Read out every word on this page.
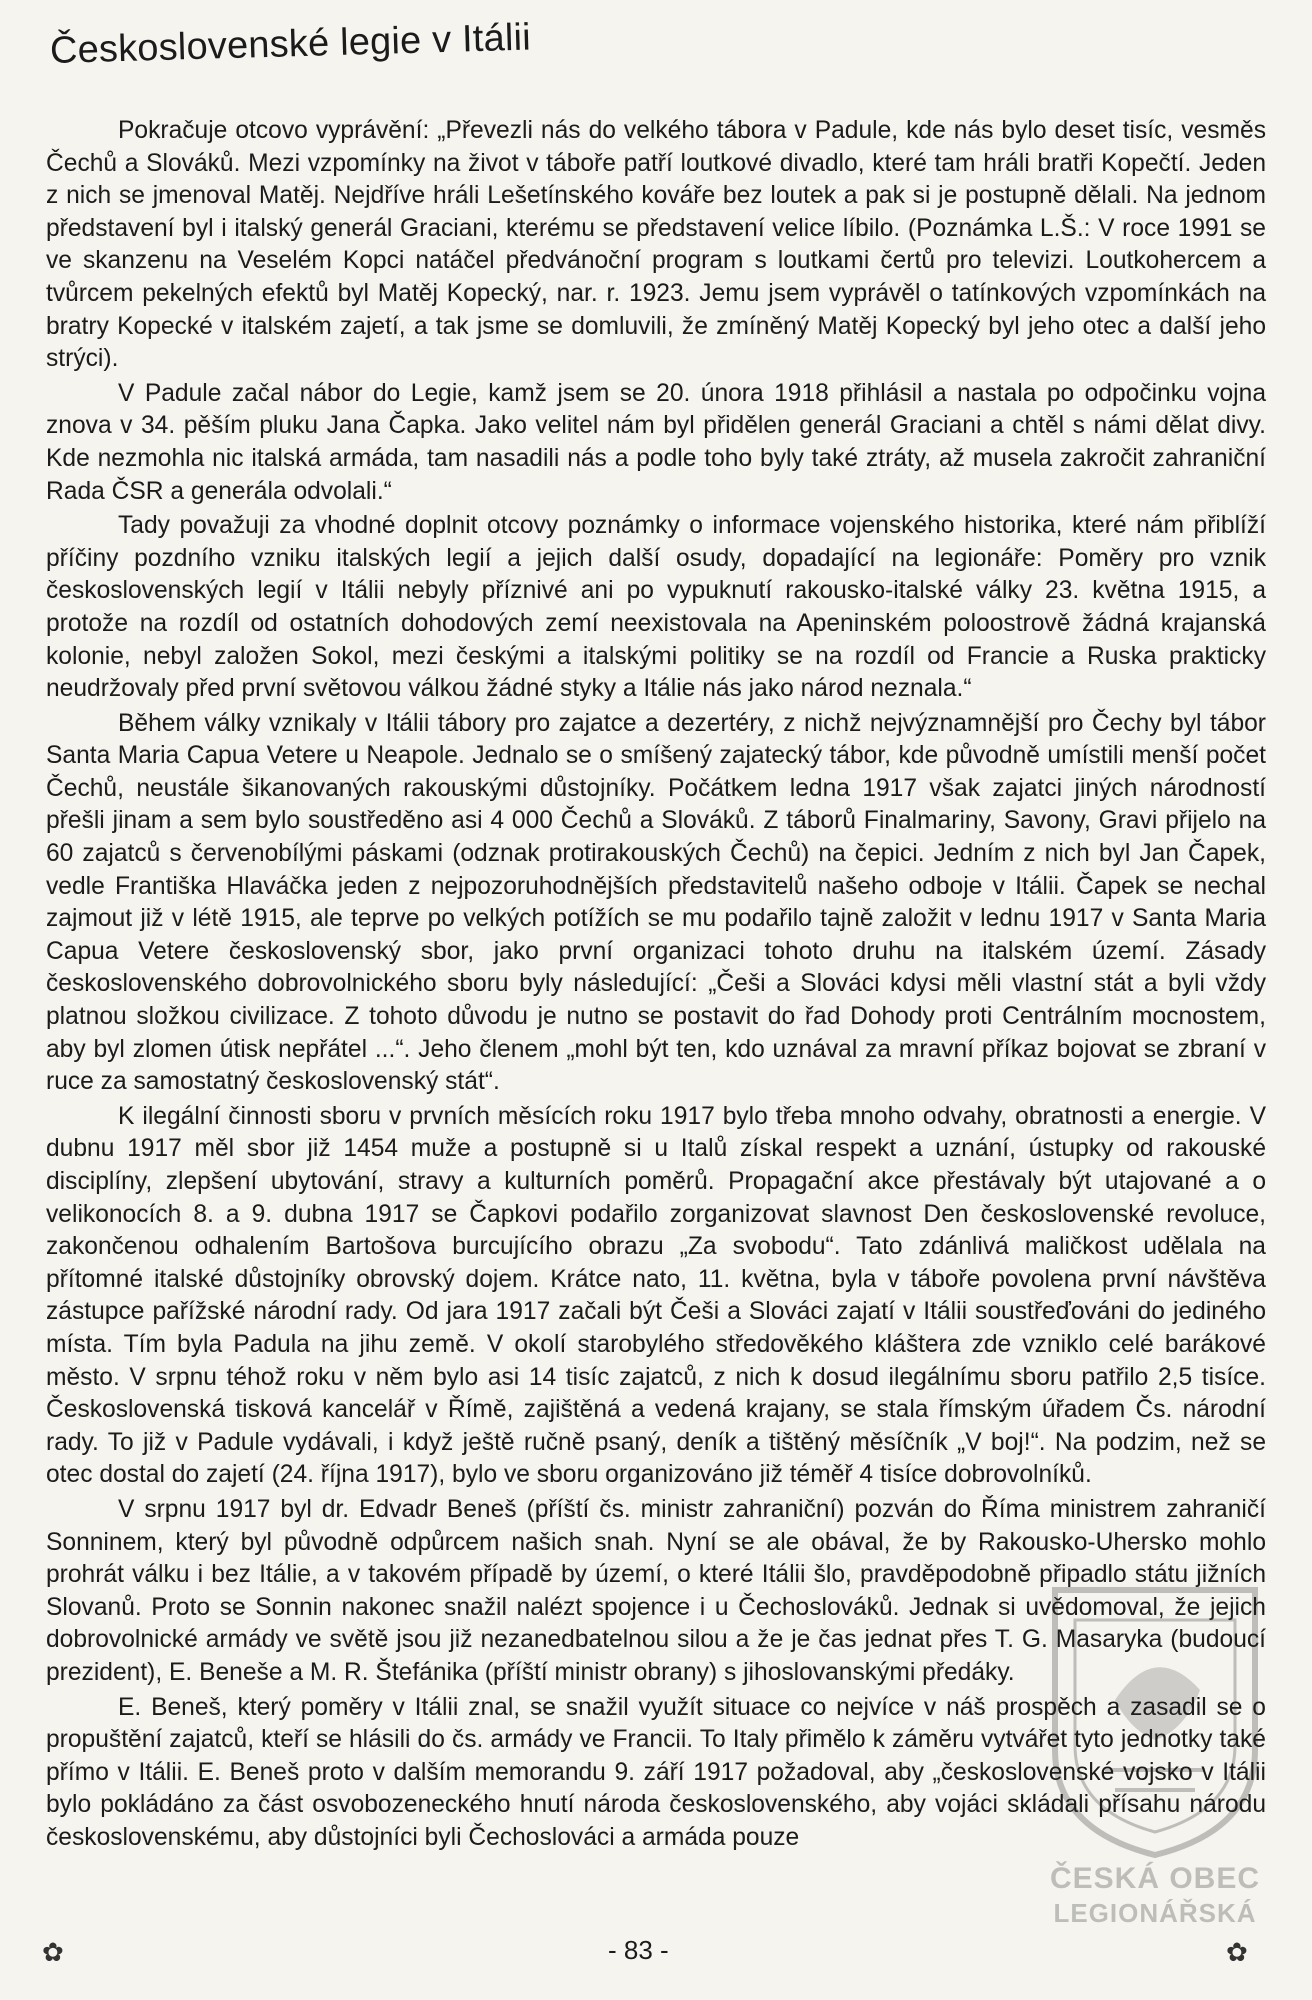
Československé legie v Itálii

Pokračuje otcovo vyprávění: „Převezli nás do velkého tábora v Padule, kde nás bylo deset tisíc, vesměs Čechů a Slováků. Mezi vzpomínky na život v táboře patří loutkové divadlo, které tam hráli bratři Kopečtí. Jeden z nich se jmenoval Matěj. Nejdříve hráli Lešetínského kováře bez loutek a pak si je postupně dělali. Na jednom představení byl i italský generál Graciani, kterému se představení velice líbilo. (Poznámka L.Š.: V roce 1991 se ve skanzenu na Veselém Kopci natáčel předvánoční program s loutkami čertů pro televizi. Loutkohercem a tvůrcem pekelných efektů byl Matěj Kopecký, nar. r. 1923. Jemu jsem vyprávěl o tatínkových vzpomínkách na bratry Kopecké v italském zajetí, a tak jsme se domluvili, že zmíněný Matěj Kopecký byl jeho otec a další jeho strýci).

V Padule začal nábor do Legie, kamž jsem se 20. února 1918 přihlásil a nastala po odpočinku vojna znova v 34. pěším pluku Jana Čapka. Jako velitel nám byl přidělen generál Graciani a chtěl s námi dělat divy. Kde nezmohla nic italská armáda, tam nasadili nás a podle toho byly také ztráty, až musela zakročit zahraniční Rada ČSR a generála odvolali.“

Tady považuji za vhodné doplnit otcovy poznámky o informace vojenského historika, které nám přiblíží příčiny pozdního vzniku italských legií a jejich další osudy, dopadající na legionáře: Poměry pro vznik československých legií v Itálii nebyly příznivé ani po vypuknutí rakousko-italské války 23. května 1915, a protože na rozdíl od ostatních dohodových zemí neexistovala na Apeninském poloostrově žádná krajanská kolonie, nebyl založen Sokol, mezi českými a italskými politiky se na rozdíl od Francie a Ruska prakticky neudržovaly před první světovou válkou žádné styky a Itálie nás jako národ neznala.“

Během války vznikaly v Itálii tábory pro zajatce a dezertéry, z nichž nejvýznamnější pro Čechy byl tábor Santa Maria Capua Vetere u Neapole. Jednalo se o smíšený zajatecký tábor, kde původně umístili menší počet Čechů, neustále šikanovaných rakouskými důstojníky. Počátkem ledna 1917 však zajatci jiných národností přešli jinam a sem bylo soustředěno asi 4 000 Čechů a Slováků. Z táborů Finalmariny, Savony, Gravi přijelo na 60 zajatců s červenobílými páskami (odznak protirakouských Čechů) na čepici. Jedním z nich byl Jan Čapek, vedle Františka Hlaváčka jeden z nejpozoruhodnějších představitelů našeho odboje v Itálii. Čapek se nechal zajmout již v létě 1915, ale teprve po velkých potížích se mu podařilo tajně založit v lednu 1917 v Santa Maria Capua Vetere československý sbor, jako první organizaci tohoto druhu na italském území. Zásady československého dobrovolnického sboru byly následující: „Češi a Slováci kdysi měli vlastní stát a byli vždy platnou složkou civilizace. Z tohoto důvodu je nutno se postavit do řad Dohody proti Centrálním mocnostem, aby byl zlomen útisk nepřátel ...“. Jeho členem „mohl být ten, kdo uznával za mravní příkaz bojovat se zbraní v ruce za samostatný československý stát“.

K ilegální činnosti sboru v prvních měsících roku 1917 bylo třeba mnoho odvahy, obratnosti a energie. V dubnu 1917 měl sbor již 1454 muže a postupně si u Italů získal respekt a uznání, ústupky od rakouské disciplíny, zlepšení ubytování, stravy a kulturních poměrů. Propagační akce přestávaly být utajované a o velikonocích 8. a 9. dubna 1917 se Čapkovi podařilo zorganizovat slavnost Den československé revoluce, zakončenou odhalením Bartošova burcujícího obrazu „Za svobodu“. Tato zdánlivá maličkost udělala na přítomné italské důstojníky obrovský dojem. Krátce nato, 11. května, byla v táboře povolena první návštěva zástupce pařížské národní rady. Od jara 1917 začali být Češi a Slováci zajatí v Itálii soustřeďováni do jediného místa. Tím byla Padula na jihu země. V okolí starobylého středověkého kláštera zde vzniklo celé barákové město. V srpnu téhož roku v něm bylo asi 14 tisíc zajatců, z nich k dosud ilegálnímu sboru patřilo 2,5 tisíce. Československá tisková kancelář v Římě, zajištěná a vedená krajany, se stala římským úřadem Čs. národní rady. To již v Padule vydávali, i když ještě ručně psaný, deník a tištěný měsíčník „V boj!“. Na podzim, než se otec dostal do zajetí (24. října 1917), bylo ve sboru organizováno již téměř 4 tisíce dobrovolníků.

V srpnu 1917 byl dr. Edvadr Beneš (příští čs. ministr zahraniční) pozván do Říma ministrem zahraničí Sonninem, který byl původně odpůrcem našich snah. Nyní se ale obával, že by Rakousko-Uhersko mohlo prohrát válku i bez Itálie, a v takovém případě by území, o které Itálii šlo, pravděpodobně připadlo státu jižních Slovanů. Proto se Sonnin nakonec snažil nalézt spojence i u Čechoslováků. Jednak si uvědomoval, že jejich dobrovolnické armády ve světě jsou již nezanedbatelnou silou a že je čas jednat přes T. G. Masaryka (budoucí prezident), E. Beneše a M. R. Štefánika (příští ministr obrany) s jihoslovanskými předáky.

E. Beneš, který poměry v Itálii znal, se snažil využít situace co nejvíce v náš prospěch a zasadil se o propuštění zajatců, kteří se hlásili do čs. armády ve Francii. To Italy přimělo k záměru vytvářet tyto jednotky také přímo v Itálii. E. Beneš proto v dalším memorandu 9. září 1917 požadoval, aby „československé vojsko v Itálii bylo pokládáno za část osvobozeneckého hnutí národa československého, aby vojáci skládali přísahu národu československému, aby důstojníci byli Čechoslováci a armáda pouze

ČESKÁ OBEC
LEGIONÁŘSKÁ
✿	- 83 -	✿
